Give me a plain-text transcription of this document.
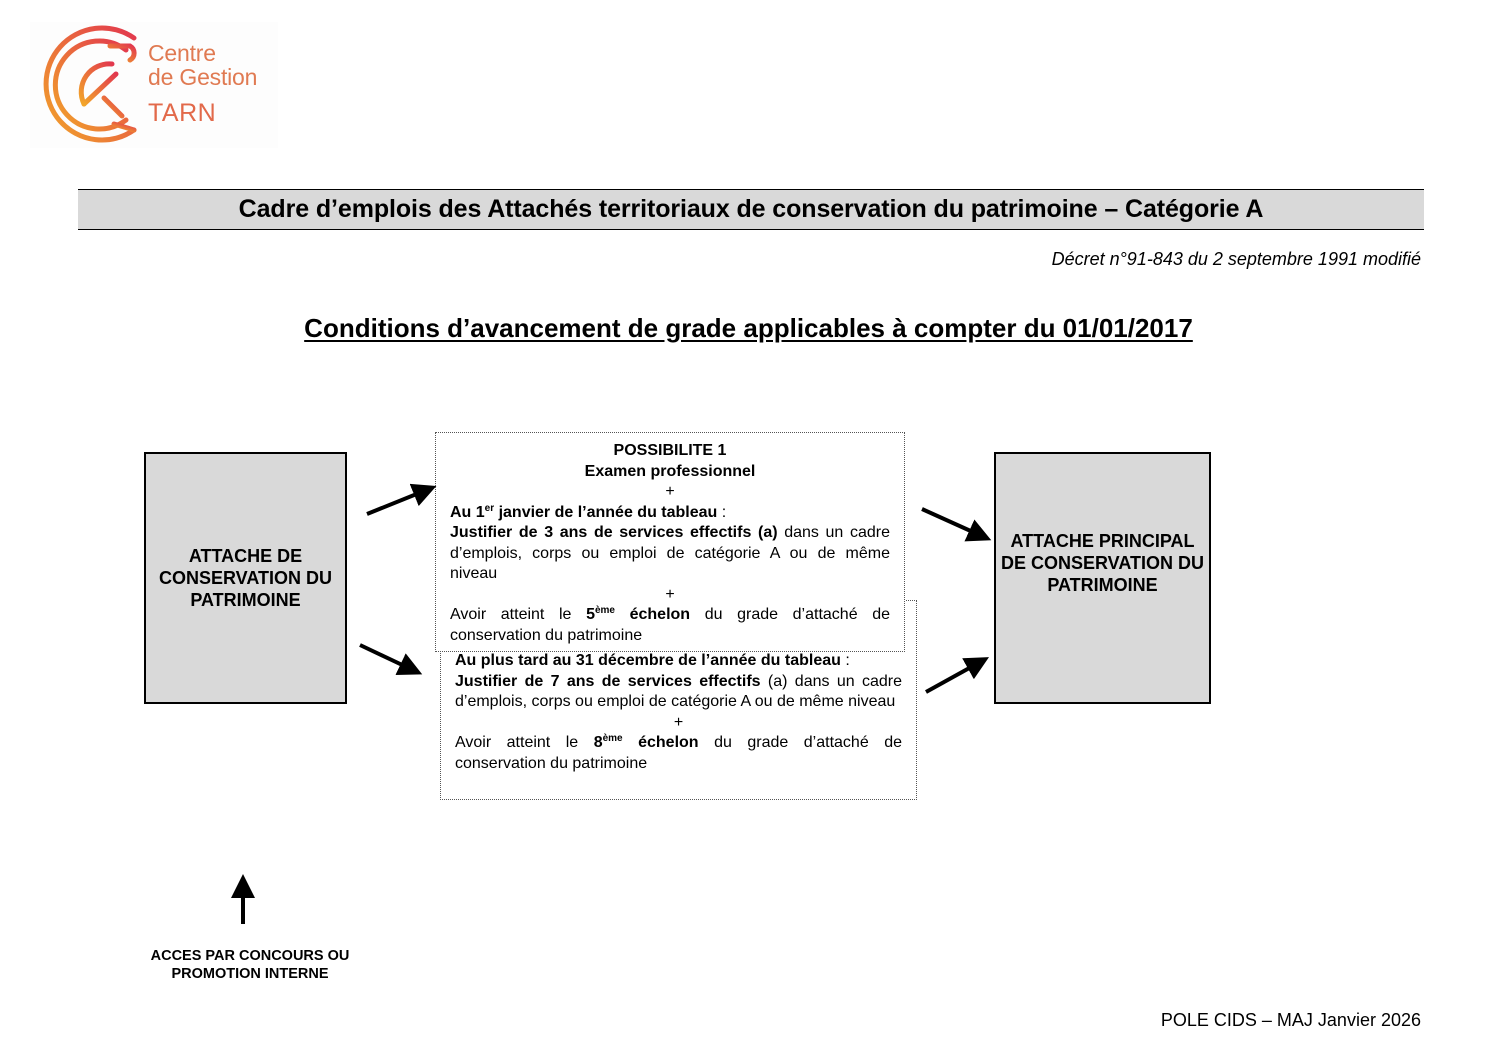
Centre
de Gestion
TARN
Cadre d’emplois des Attachés territoriaux de conservation du patrimoine – Catégorie A
Décret n°91-843 du 2 septembre 1991 modifié
Conditions d’avancement de grade applicables à compter du 01/01/2017
ATTACHE DE CONSERVATION DU PATRIMOINE
ATTACHE PRINCIPAL DE CONSERVATION DU PATRIMOINE
Au plus tard au 31 décembre de l’année du tableau :
Justifier de 7 ans de services effectifs (a) dans un cadre d’emplois, corps ou emploi de catégorie A ou de même niveau
+
Avoir atteint le 8ème échelon du grade d’attaché de conservation du patrimoine
POSSIBILITE 1
Examen professionnel
+
Au 1er janvier de l’année du tableau :
Justifier de 3 ans de services effectifs (a) dans un cadre d’emplois, corps ou emploi de catégorie A ou de même niveau
+
Avoir atteint le 5ème échelon du grade d’attaché de conservation du patrimoine
ACCES PAR CONCOURS OU
PROMOTION INTERNE
POLE CIDS – MAJ Janvier 2026
